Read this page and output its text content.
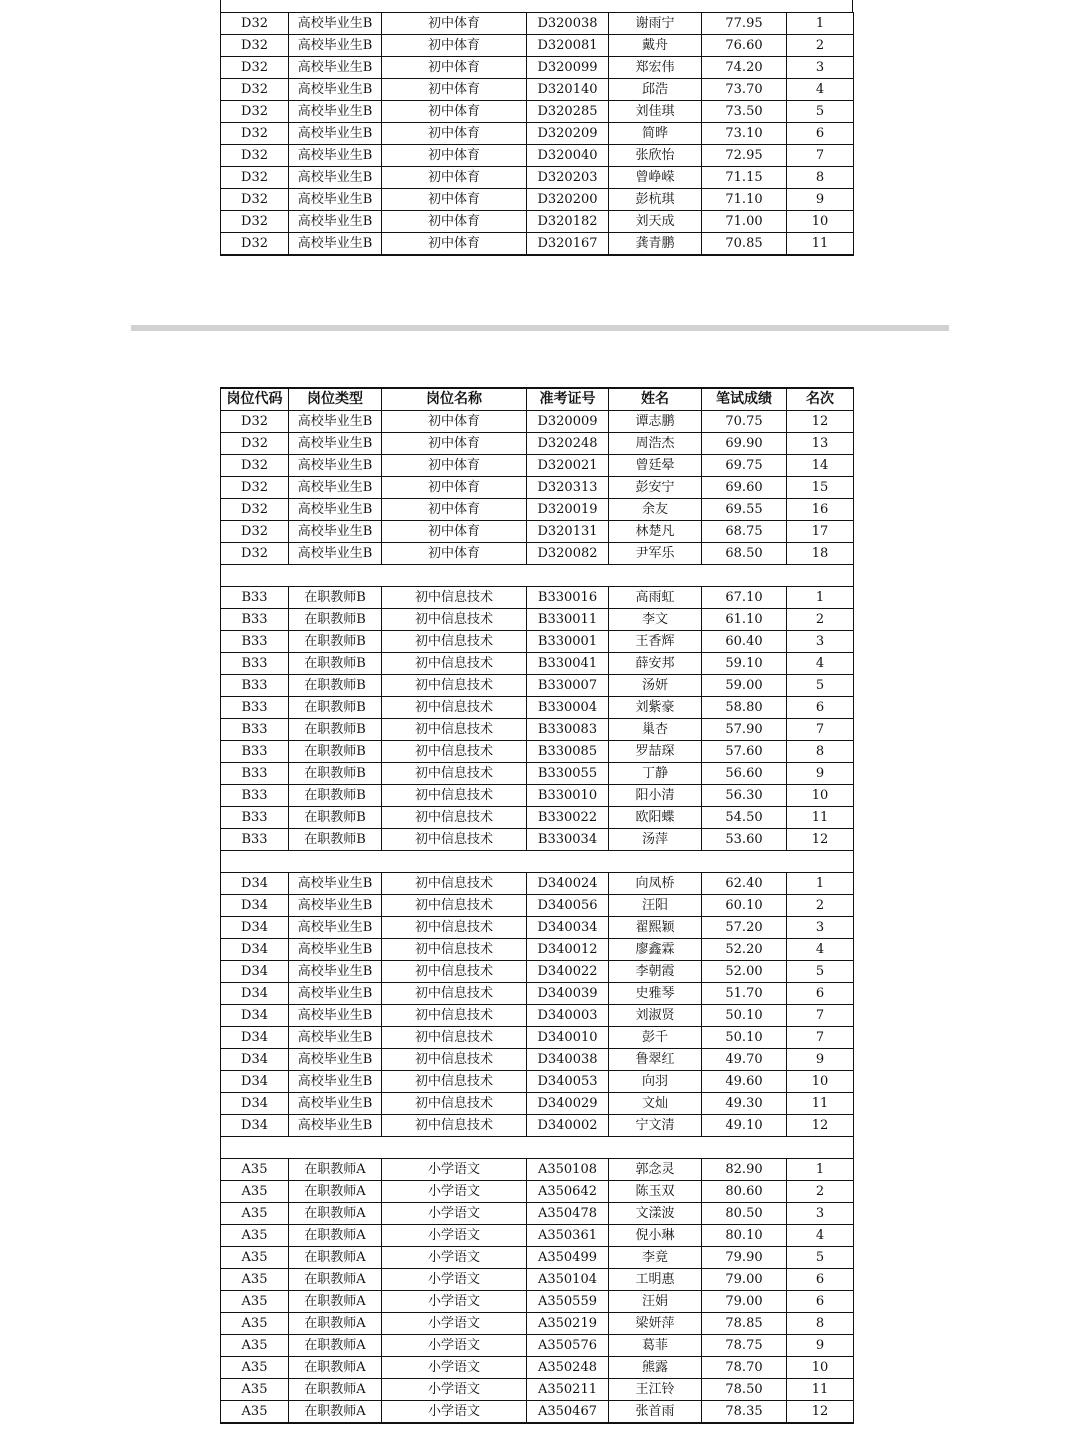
D32	高校毕业生B	初中体育	D320038	谢雨宁	77.95	1
D32	高校毕业生B	初中体育	D320081	戴舟	76.60	2
D32	高校毕业生B	初中体育	D320099	郑宏伟	74.20	3
D32	高校毕业生B	初中体育	D320140	邱浩	73.70	4
D32	高校毕业生B	初中体育	D320285	刘佳琪	73.50	5
D32	高校毕业生B	初中体育	D320209	简晔	73.10	6
D32	高校毕业生B	初中体育	D320040	张欣怡	72.95	7
D32	高校毕业生B	初中体育	D320203	曾峥嵘	71.15	8
D32	高校毕业生B	初中体育	D320200	彭杭琪	71.10	9
D32	高校毕业生B	初中体育	D320182	刘天成	71.00	10
D32	高校毕业生B	初中体育	D320167	龚青鹏	70.85	11
岗位代码	岗位类型	岗位名称	准考证号	姓名	笔试成绩	名次
D32	高校毕业生B	初中体育	D320009	谭志鹏	70.75	12
D32	高校毕业生B	初中体育	D320248	周浩杰	69.90	13
D32	高校毕业生B	初中体育	D320021	曾廷晕	69.75	14
D32	高校毕业生B	初中体育	D320313	彭安宁	69.60	15
D32	高校毕业生B	初中体育	D320019	余友	69.55	16
D32	高校毕业生B	初中体育	D320131	林楚凡	68.75	17
D32	高校毕业生B	初中体育	D320082	尹军乐	68.50	18

B33	在职教师B	初中信息技术	B330016	高雨虹	67.10	1
B33	在职教师B	初中信息技术	B330011	李文	61.10	2
B33	在职教师B	初中信息技术	B330001	王香辉	60.40	3
B33	在职教师B	初中信息技术	B330041	薛安邦	59.10	4
B33	在职教师B	初中信息技术	B330007	汤妍	59.00	5
B33	在职教师B	初中信息技术	B330004	刘紫豪	58.80	6
B33	在职教师B	初中信息技术	B330083	巢杏	57.90	7
B33	在职教师B	初中信息技术	B330085	罗喆琛	57.60	8
B33	在职教师B	初中信息技术	B330055	丁静	56.60	9
B33	在职教师B	初中信息技术	B330010	阳小清	56.30	10
B33	在职教师B	初中信息技术	B330022	欧阳蝶	54.50	11
B33	在职教师B	初中信息技术	B330034	汤萍	53.60	12

D34	高校毕业生B	初中信息技术	D340024	向凤桥	62.40	1
D34	高校毕业生B	初中信息技术	D340056	汪阳	60.10	2
D34	高校毕业生B	初中信息技术	D340034	翟熙颖	57.20	3
D34	高校毕业生B	初中信息技术	D340012	廖鑫霖	52.20	4
D34	高校毕业生B	初中信息技术	D340022	李朝霞	52.00	5
D34	高校毕业生B	初中信息技术	D340039	史雅琴	51.70	6
D34	高校毕业生B	初中信息技术	D340003	刘淑贤	50.10	7
D34	高校毕业生B	初中信息技术	D340010	彭千	50.10	7
D34	高校毕业生B	初中信息技术	D340038	鲁翠红	49.70	9
D34	高校毕业生B	初中信息技术	D340053	向羽	49.60	10
D34	高校毕业生B	初中信息技术	D340029	文灿	49.30	11
D34	高校毕业生B	初中信息技术	D340002	宁文清	49.10	12

A35	在职教师A	小学语文	A350108	郭念灵	82.90	1
A35	在职教师A	小学语文	A350642	陈玉双	80.60	2
A35	在职教师A	小学语文	A350478	文漾波	80.50	3
A35	在职教师A	小学语文	A350361	倪小琳	80.10	4
A35	在职教师A	小学语文	A350499	李竟	79.90	5
A35	在职教师A	小学语文	A350104	工明惠	79.00	6
A35	在职教师A	小学语文	A350559	汪娟	79.00	6
A35	在职教师A	小学语文	A350219	梁妍萍	78.85	8
A35	在职教师A	小学语文	A350576	葛菲	78.75	9
A35	在职教师A	小学语文	A350248	熊露	78.70	10
A35	在职教师A	小学语文	A350211	王江铃	78.50	11
A35	在职教师A	小学语文	A350467	张首雨	78.35	12
